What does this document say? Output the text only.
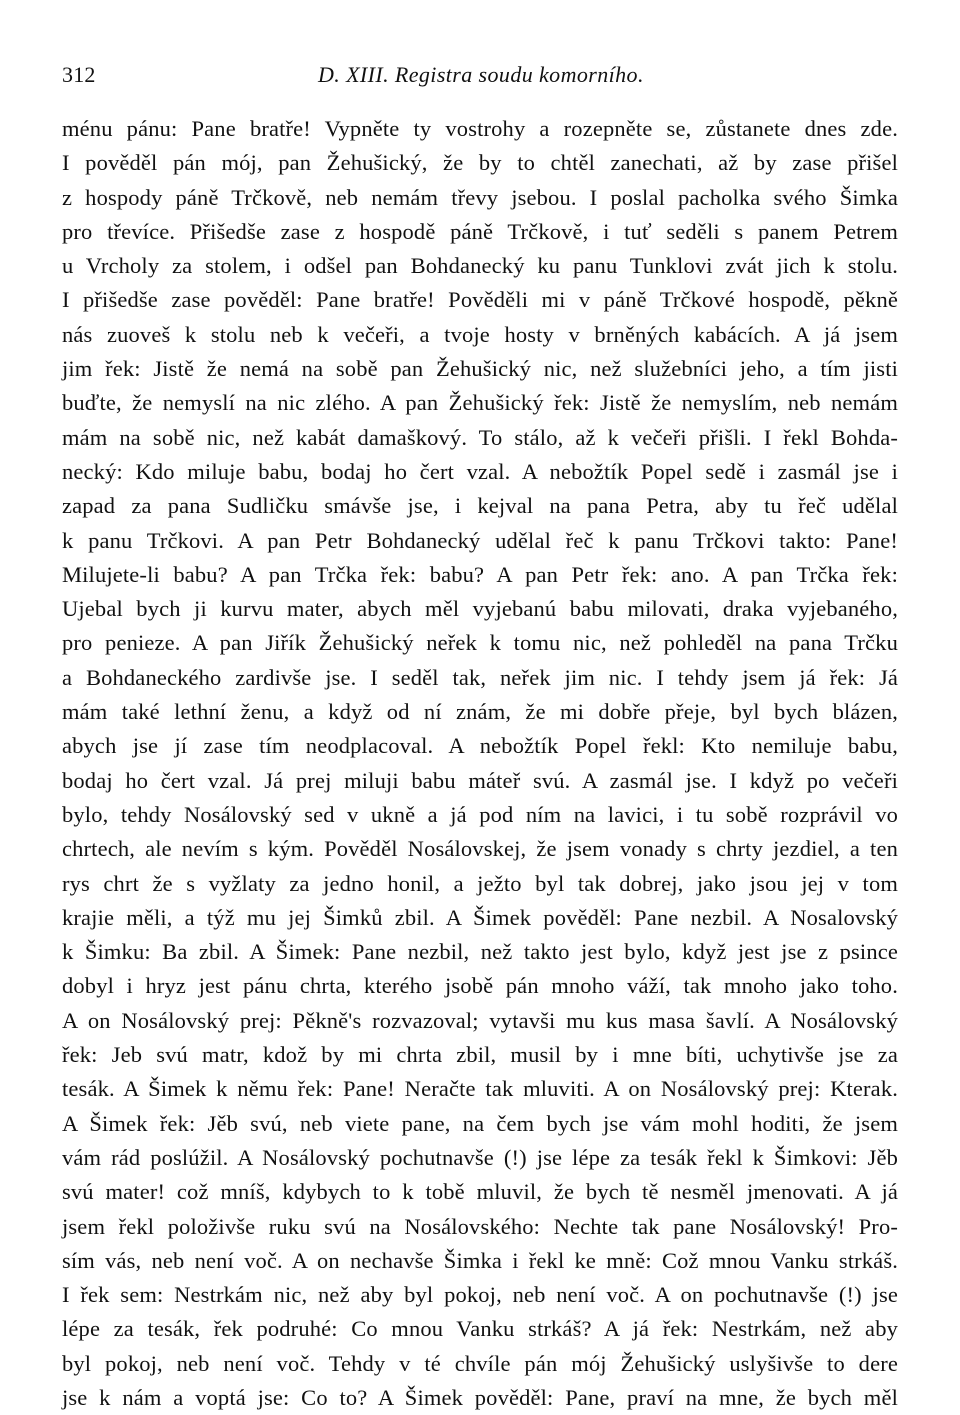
312	D. XIII. Registra soudu komorního.
ménu pánu: Pane bratře! Vypněte ty vostrohy a rozepněte se, zůstanete dnes zde.
I pověděl pán mój, pan Žehušický, že by to chtěl zanechati, až by zase přišel
z hospody páně Trčkově, neb nemám třevy jsebou. I poslal pacholka svého Šimka
pro třevíce. Přišedše zase z hospodě páně Trčkově, i tuť seděli s panem Petrem
u Vrcholy za stolem, i odšel pan Bohdanecký ku panu Tunklovi zvát jich k stolu.
I přišedše zase pověděl: Pane bratře! Pověděli mi v páně Trčkové hospodě, pěkně
nás zuoveš k stolu neb k večeři, a tvoje hosty v brněných kabácích. A já jsem
jim řek: Jistě že nemá na sobě pan Žehušický nic, než služebníci jeho, a tím jisti
buďte, že nemyslí na nic zlého. A pan Žehušický řek: Jistě že nemyslím, neb nemám
mám na sobě nic, než kabát damaškový. To stálo, až k večeři přišli. I řekl Bohda-
necký: Kdo miluje babu, bodaj ho čert vzal. A nebožtík Popel sedě i zasmál jse i
zapad za pana Sudličku smávše jse, i kejval na pana Petra, aby tu řeč udělal
k panu Trčkovi. A pan Petr Bohdanecký udělal řeč k panu Trčkovi takto: Pane!
Milujete-li babu? A pan Trčka řek: babu? A pan Petr řek: ano. A pan Trčka řek:
Ujebal bych ji kurvu mater, abych měl vyjebanú babu milovati, draka vyjebaného,
pro penieze. A pan Jiřík Žehušický neřek k tomu nic, než pohleděl na pana Trčku
a Bohdaneckého zardivše jse. I seděl tak, neřek jim nic. I tehdy jsem já řek: Já
mám také lethní ženu, a když od ní znám, že mi dobře přeje, byl bych blázen,
abych jse jí zase tím neodplacoval. A nebožtík Popel řekl: Kto nemiluje babu,
bodaj ho čert vzal. Já prej miluji babu máteř svú. A zasmál jse. I když po večeři
bylo, tehdy Nosálovský sed v ukně a já pod ním na lavici, i tu sobě rozprávil vo
chrtech, ale nevím s kým. Pověděl Nosálovskej, že jsem vonady s chrty jezdiel, a ten
rys chrt že s vyžlaty za jedno honil, a ježto byl tak dobrej, jako jsou jej v tom
krajie měli, a týž mu jej Šimků zbil. A Šimek pověděl: Pane nezbil. A Nosalovský
k Šimku: Ba zbil. A Šimek: Pane nezbil, než takto jest bylo, když jest jse z psince
dobyl i hryz jest pánu chrta, kterého jsobě pán mnoho váží, tak mnoho jako toho.
A on Nosálovský prej: Pěkně's rozvazoval; vytavši mu kus masa šavlí. A Nosálovský
řek: Jeb svú matr, kdož by mi chrta zbil, musil by i mne bíti, uchytivše jse za
tesák. A Šimek k němu řek: Pane! Neračte tak mluviti. A on Nosálovský prej: Kterak.
A Šimek řek: Jěb svú, neb viete pane, na čem bych jse vám mohl hoditi, že jsem
vám rád poslúžil. A Nosálovský pochutnavše (!) jse lépe za tesák řekl k Šimkovi: Jěb
svú mater! což mníš, kdybych to k tobě mluvil, že bych tě nesměl jmenovati. A já
jsem řekl položivše ruku svú na Nosálovského: Nechte tak pane Nosálovský! Pro-
sím vás, neb není voč. A on nechavše Šimka i řekl ke mně: Což mnou Vanku strkáš.
I řek sem: Nestrkám nic, než aby byl pokoj, neb není voč. A on pochutnavše (!) jse
lépe za tesák, řek podruhé: Co mnou Vanku strkáš? A já řek: Nestrkám, než aby
byl pokoj, neb není voč. Tehdy v té chvíle pán mój Žehušický uslyšivše to dere
jse k nám a voptá jse: Co to? A Šimek pověděl: Pane, praví na mne, že bych měl
